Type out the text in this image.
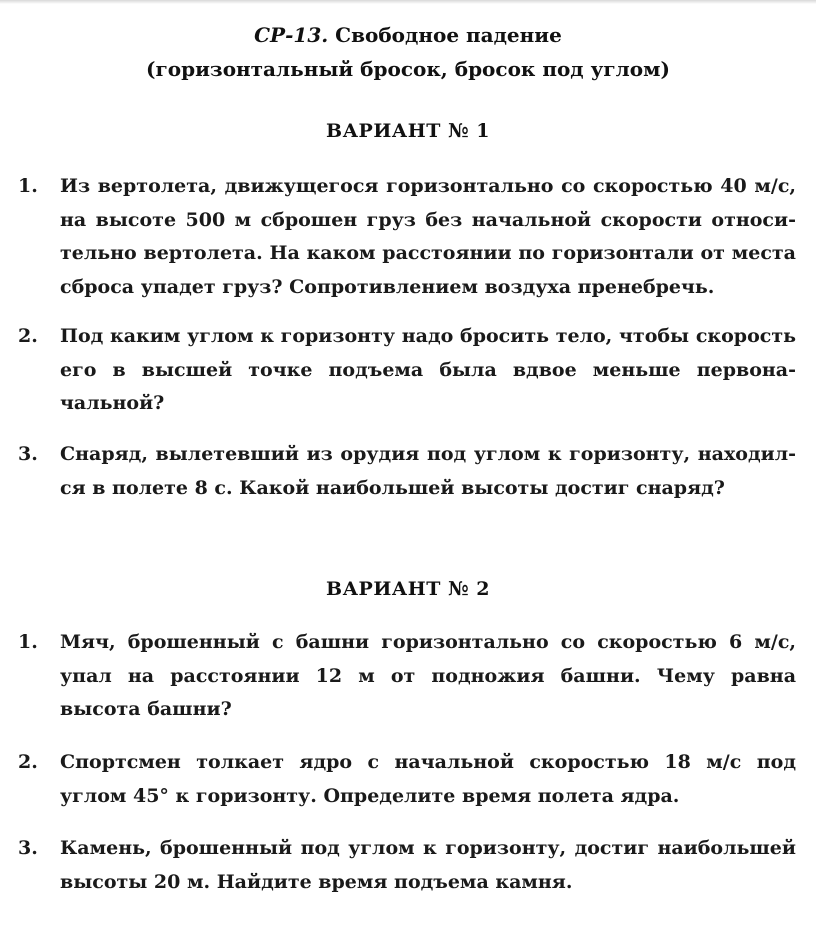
СР-13. Свободное падение
(горизонтальный бросок, бросок под углом)
ВАРИАНТ № 1
1.	Из вертолета, движущегося горизонтально со скоростью 40 м/с, на высоте 500 м сброшен груз без начальной скорости относительно вертолета. На каком расстоянии по горизонтали от места сброса упадет груз? Сопротивлением воздуха пренебречь.
2.	Под каким углом к горизонту надо бросить тело, чтобы скорость его в высшей точке подъема была вдвое меньше первоначальной?
3.	Снаряд, вылетевший из орудия под углом к горизонту, находился в полете 8 с. Какой наибольшей высоты достиг снаряд?
ВАРИАНТ № 2
1.	Мяч, брошенный с башни горизонтально со скоростью 6 м/с, упал на расстоянии 12 м от подножия башни. Чему равна высота башни?
2.	Спортсмен толкает ядро с начальной скоростью 18 м/с под углом 45° к горизонту. Определите время полета ядра.
3.	Камень, брошенный под углом к горизонту, достиг наибольшей высоты 20 м. Найдите время подъема камня.
